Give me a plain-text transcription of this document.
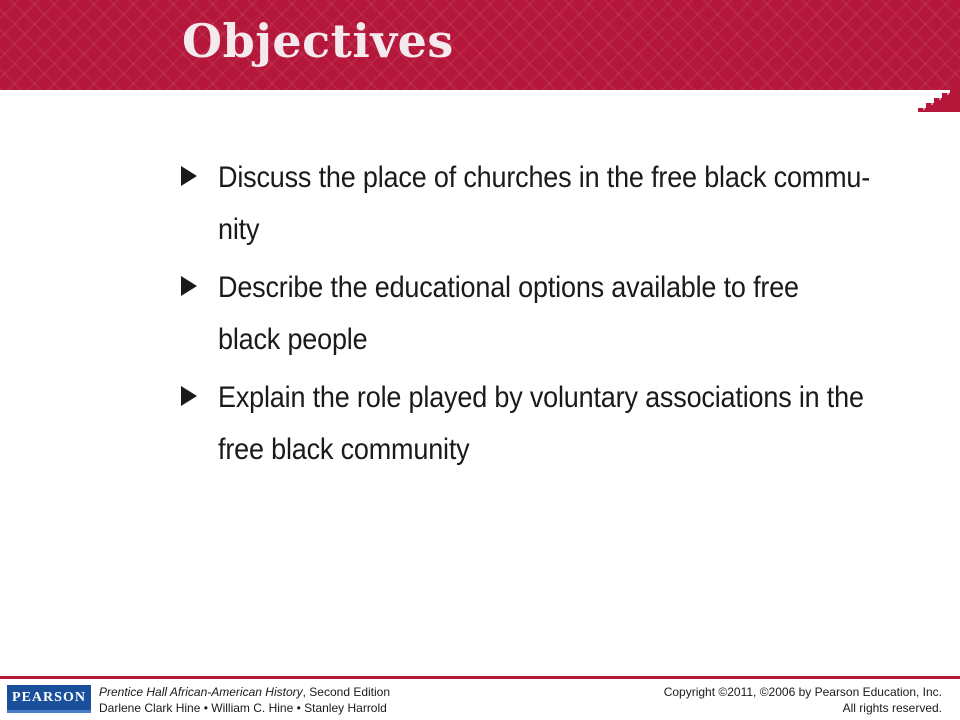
Objectives
Discuss the place of churches in the free black commu-
nity
Describe the educational options available to free
black people
Explain the role played by voluntary associations in the
free black community
PEARSON Prentice Hall African-American History, Second Edition
Darlene Clark Hine • William C. Hine • Stanley Harrold
Copyright ©2011, ©2006 by Pearson Education, Inc.
All rights reserved.
